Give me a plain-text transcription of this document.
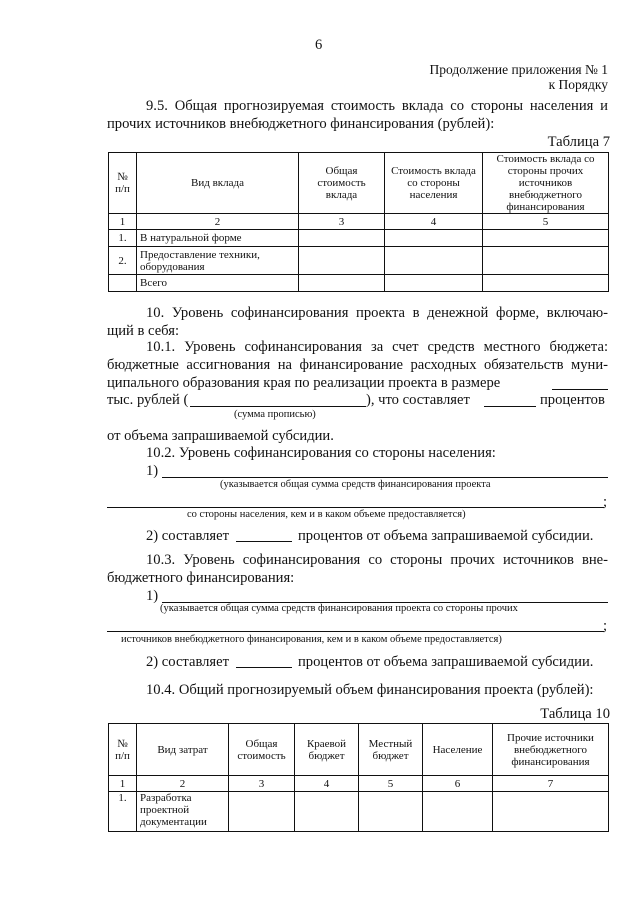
6
Продолжение приложения № 1
к Порядку
9.5. Общая прогнозируемая стоимость вклада со стороны населения и
прочих источников внебюджетного финансирования (рублей):
Таблица 7
№ п/п	Вид вклада	Общая стоимость вклада	Стоимость вклада со стороны населения	Стоимость вклада со стороны прочих источников внебюджетного финансирования
1	2	3	4	5
1.	В натуральной форме			
2.	Предоставление техники, оборудования			
	Всего			
10. Уровень софинансирования проекта в денежной форме, включаю-
щий в себя:
10.1. Уровень софинансирования за счет средств местного бюджета:
бюджетные ассигнования на финансирование расходных обязательств муни-
ципального образования края по реализации проекта в размере
тыс. рублей (	), что составляет	процентов
(сумма прописью)
от объема запрашиваемой субсидии.
10.2. Уровень софинансирования со стороны населения:
1)
(указывается общая сумма средств финансирования проекта
;
со стороны населения, кем и в каком объеме предоставляется)
2) составляет	процентов от объема запрашиваемой субсидии.
10.3. Уровень софинансирования со стороны прочих источников вне-
бюджетного финансирования:
1)
(указывается общая сумма средств финансирования проекта со стороны прочих
;
источников внебюджетного финансирования, кем и в каком объеме предоставляется)
2) составляет	процентов от объема запрашиваемой субсидии.
10.4. Общий прогнозируемый объем финансирования проекта (рублей):
Таблица 10
№ п/п	Вид затрат	Общая стоимость	Краевой бюджет	Местный бюджет	Население	Прочие источники внебюджетного финансирования
1	2	3	4	5	6	7
1.	Разработка проектной документации					
